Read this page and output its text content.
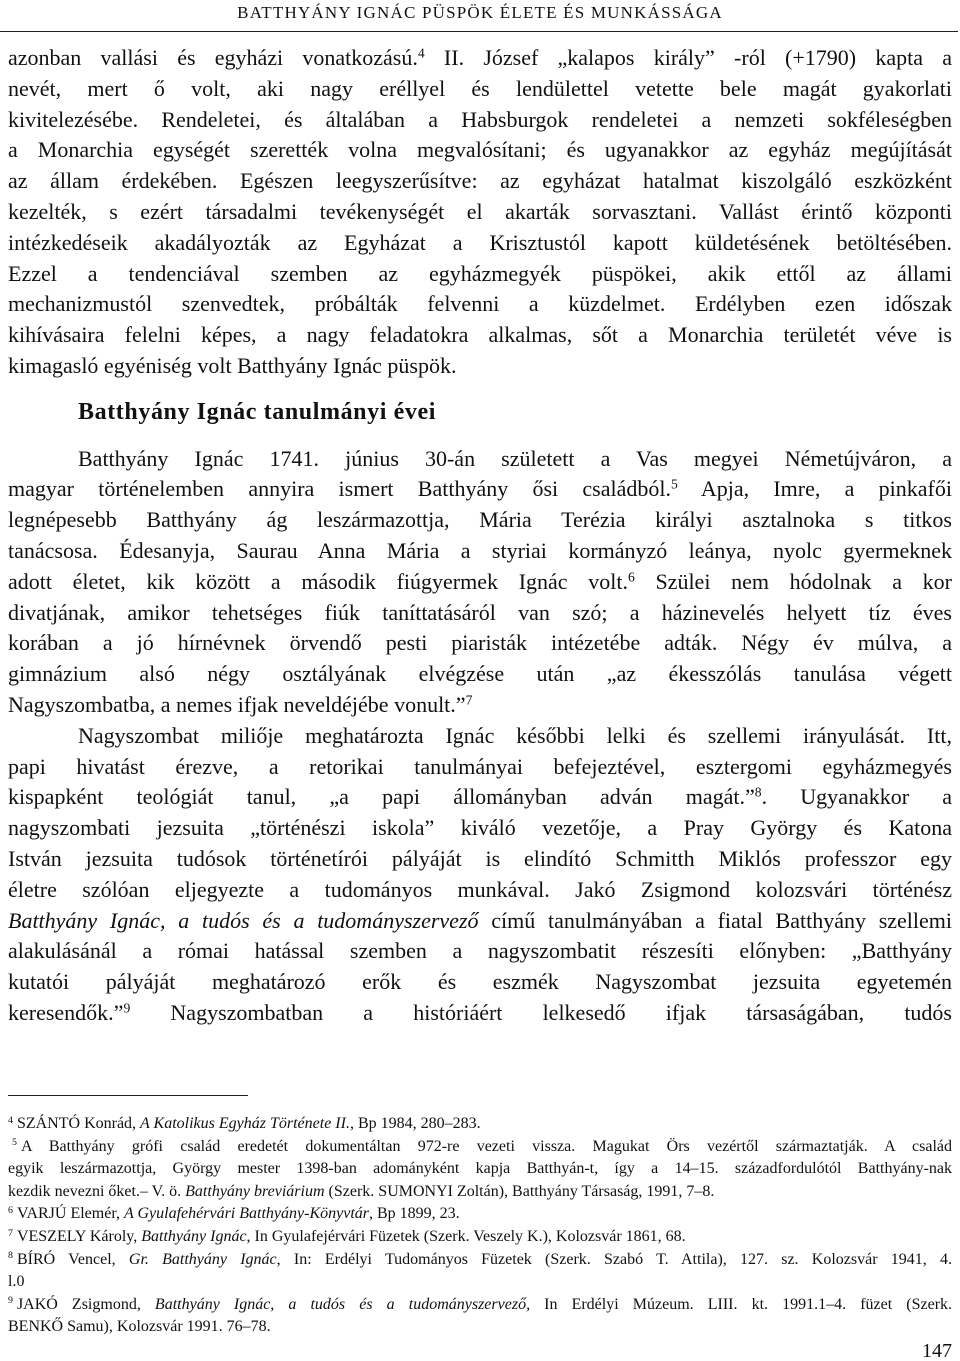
BATTHYÁNY IGNÁC PÜSPÖK ÉLETE ÉS MUNKÁSSÁGA
azonban vallási és egyházi vonatkozású.$^4$ II. József „kalapos király” -ról (+1790) kapta a
nevét, mert ő volt, aki nagy eréllyel és lendülettel vetette bele magát gyakorlati
kivitelezésébe. Rendeletei, és általában a Habsburgok rendeletei a nemzeti sokféleségben
a Monarchia egységét szerették volna megvalósítani; és ugyanakkor az egyház megújítását
az állam érdekében. Egészen leegyszerűsítve: az egyházat hatalmat kiszolgáló eszközként
kezelték, s ezért társadalmi tevékenységét el akarták sorvasztani. Vallást érintő központi
intézkedéseik akadályozták az Egyházat a Krisztustól kapott küldetésének betöltésében.
Ezzel a tendenciával szemben az egyházmegyék püspökei, akik ettől az állami
mechanizmustól szenvedtek, próbálták felvenni a küzdelmet. Erdélyben ezen időszak
kihívásaira felelni képes, a nagy feladatokra alkalmas, sőt a Monarchia területét véve is
kimagasló egyéniség volt Batthyány Ignác püspök.
Batthyány Ignác tanulmányi évei
Batthyány Ignác 1741. június 30-án született a Vas megyei Németújváron, a
magyar történelemben annyira ismert Batthyány ősi családból.$^5$ Apja, Imre, a pinkafői
legnépesebb Batthyány ág leszármazottja, Mária Terézia királyi asztalnoka s titkos
tanácsosa. Édesanyja, Saurau Anna Mária a styriai kormányzó leánya, nyolc gyermeknek
adott életet, kik között a második fiúgyermek Ignác volt.$^6$ Szülei nem hódolnak a kor
divatjának, amikor tehetséges fiúk taníttatásáról van szó; a házinevelés helyett tíz éves
korában a jó hírnévnek örvendő pesti piaristák intézetébe adták. Négy év múlva, a
gimnázium alsó négy osztályának elvégzése után „az ékesszólás tanulása végett
Nagyszombatba, a nemes ifjak neveldéjébe vonult.”$^7$
Nagyszombat miliője meghatározta Ignác későbbi lelki és szellemi irányulását. Itt,
papi hivatást érezve, a retorikai tanulmányai befejeztével, esztergomi egyházmegyés
kispapként teológiát tanul, „a papi állományban adván magát.”$^8$. Ugyanakkor a
nagyszombati jezsuita „történészi iskola” kiváló vezetője, a Pray György és Katona
István jezsuita tudósok történetírói pályáját is elindító Schmitth Miklós professzor egy
életre szólóan eljegyezte a tudományos munkával. Jakó Zsigmond kolozsvári történész
Batthyány Ignác, a tudós és a tudományszervező című tanulmányában a fiatal Batthyány szellemi
alakulásánál a római hatással szemben a nagyszombatit részesíti előnyben: „Batthyány
kutatói pályáját meghatározó erők és eszmék Nagyszombat jezsuita egyetemén
keresendők.”$^9$ Nagyszombatban a históriáért lelkesedő ifjak társaságában, tudós
$^4$ SZÁNTÓ Konrád, A Katolikus Egyház Története II., Bp 1984, 280–283.
$^5$ A Batthyány grófi család eredetét dokumentáltan 972-re vezeti vissza. Magukat Örs vezértől származtatják. A család
egyik leszármazottja, György mester 1398-ban adományként kapja Batthyán-t, így a 14–15. századfordulótól Batthyány-nak
kezdik nevezni őket.– V. ö. Batthyány breviárium (Szerk. SUMONYI Zoltán), Batthyány Társaság, 1991, 7–8.
$^6$ VARJÚ Elemér, A Gyulafehérvári Batthyány-Könyvtár, Bp 1899, 23.
$^7$ VESZELY Károly, Batthyány Ignác, In Gyulafejérvári Füzetek (Szerk. Veszely K.), Kolozsvár 1861, 68.
$^8$ BÍRÓ Vencel, Gr. Batthyány Ignác, In: Erdélyi Tudományos Füzetek (Szerk. Szabó T. Attila), 127. sz. Kolozsvár 1941, 4.
l.0
$^9$ JAKÓ Zsigmond, Batthyány Ignác, a tudós és a tudományszervező, In Erdélyi Múzeum. LIII. kt. 1991.1–4. füzet (Szerk.
BENKŐ Samu), Kolozsvár 1991. 76–78.
147
